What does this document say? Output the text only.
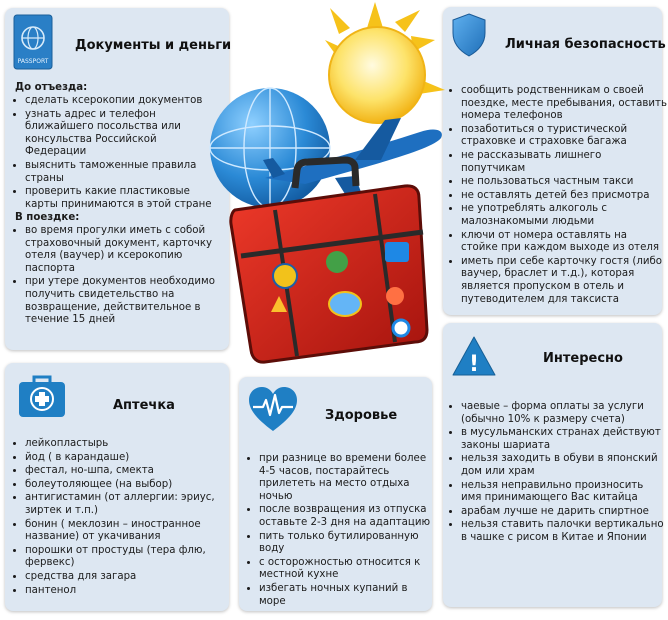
PASSPORT
Документы и деньги

До отъезда:

• сделать ксерокопии документов
• узнать адрес и телефон ближайшего посольства или консульства Российской Федерации
• выяснить таможенные правила страны
• проверить какие пластиковые карты принимаются в этой стране

В поездке:

• во время прогулки иметь с собой страховочный документ, карточку отеля (ваучер) и ксерокопию паспорта
• при утере документов необходимо получить свидетельство на возвращение, действительное в течение 15 дней
Личная безопасность
• сообщить родственникам о своей поездке, месте пребывания, оставить номера телефонов
• позаботиться о туристической страховке и страховке багажа
• не рассказывать лишнего попутчикам
• не пользоваться частным такси
• не оставлять детей без присмотра
• не употреблять алкоголь с малознакомыми людьми
• ключи от номера оставлять на стойке при каждом выходе из отеля
• иметь при себе карточку гостя (либо ваучер, браслет и т.д.), которая является пропуском в отель и путеводителем для таксиста
!	Интересно
• чаевые – форма оплаты за услуги (обычно 10% к размеру счета)
• в мусульманских странах действуют законы шариата
• нельзя заходить в обуви в японский дом или храм
• нельзя неправильно произносить имя принимающего Вас китайца
• арабам лучше не дарить спиртное
• нельзя ставить палочки вертикально в чашке с рисом в Китае и Японии
Аптечка
• лейкопластырь
• йод ( в карандаше)
• фестал, но-шпа, смекта
• болеутоляющее (на выбор)
• антигистамин (от аллергии: эриус, зиртек и т.п.)
• бонин ( меклозин – иностранное название) от укачивания
• порошки от простуды (тера флю, фервекс)
• средства для загара
• пантенол
Здоровье
• при разнице во времени более 4-5 часов, постарайтесь прилететь на место отдыха ночью
• после возвращения из отпуска оставьте 2-3 дня на адаптацию
• пить только бутилированную воду
• с осторожностью относится к местной кухне
• избегать ночных купаний в море
